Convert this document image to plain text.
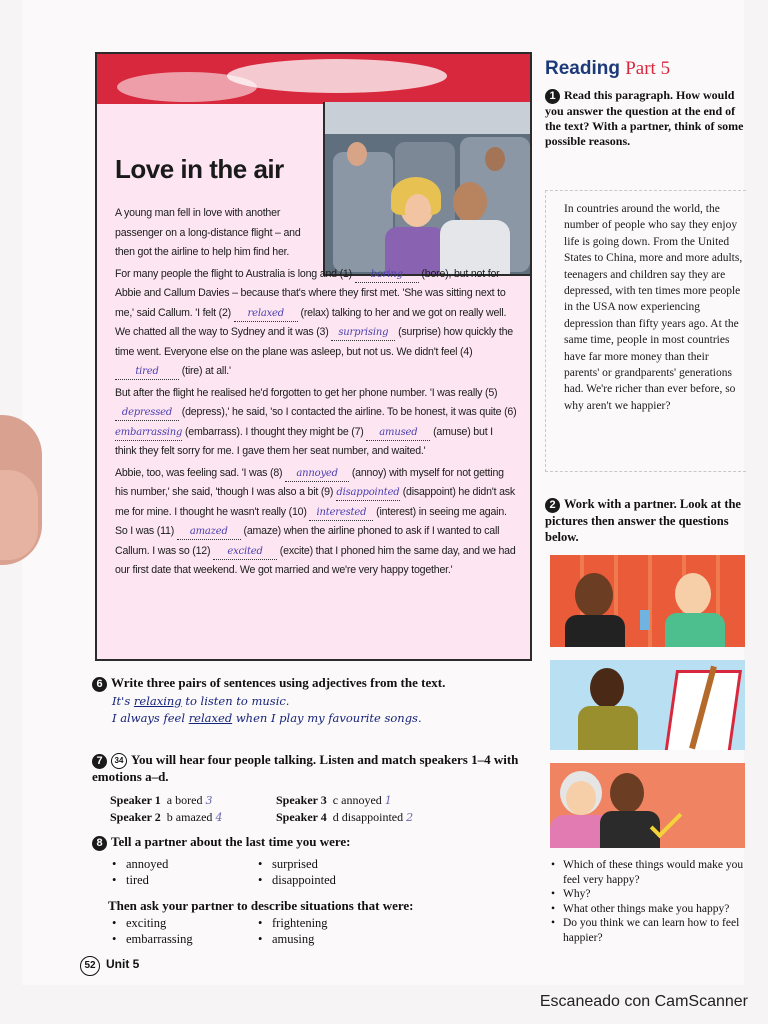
Love in the air

A young man fell in love with another passenger on a long-distance flight – and then got the airline to help him find her.

For many people the flight to Australia is long and (1) boring (bore), but not for Abbie and Callum Davies – because that's where they first met. 'She was sitting next to me,' said Callum. 'I felt (2) relaxed (relax) talking to her and we got on really well. We chatted all the way to Sydney and it was (3) surprising (surprise) how quickly the time went. Everyone else on the plane was asleep, but not us. We didn't feel (4) tired (tire) at all.'

But after the flight he realised he'd forgotten to get her phone number. 'I was really (5) depressed (depress),' he said, 'so I contacted the airline. To be honest, it was quite (6) embarrassing (embarrass). I thought they might be (7) amused (amuse) but I think they felt sorry for me. I gave them her seat number, and waited.'

Abbie, too, was feeling sad. 'I was (8) annoyed (annoy) with myself for not getting his number,' she said, 'though I was also a bit (9) disappointed (disappoint) he didn't ask me for mine. I thought he wasn't really (10) interested (interest) in seeing me again. So I was (11) amazed (amaze) when the airline phoned to ask if I wanted to call Callum. I was so (12) excited (excite) that I phoned him the same day, and we had our first date that weekend. We got married and we're very happy together.'

Reading Part 5
1 Read this paragraph. How would you answer the question at the end of the text? With a partner, think of some possible reasons.
In countries around the world, the number of people who say they enjoy life is going down. From the United States to China, more and more adults, teenagers and children say they are depressed, with ten times more people in the USA now experiencing depression than fifty years ago. At the same time, people in most countries have far more money than their parents' or grandparents' generations had. We're richer than ever before, so why aren't we happier?
2 Work with a partner. Look at the pictures then answer the questions below.
• Which of these things would make you feel very happy?
• Why?
• What other things make you happy?
• Do you think we can learn how to feel happier?
6 Write three pairs of sentences using adjectives from the text.
It's relaxing to listen to music.
I always feel relaxed when I play my favourite songs.
7 34 You will hear four people talking. Listen and match speakers 1–4 with emotions a–d.
Speaker 1 a bored 3
Speaker 2 b amazed 4
Speaker 3 c annoyed 1
Speaker 4 d disappointed 2
8 Tell a partner about the last time you were:
• annoyed
• tired
• surprised
• disappointed
Then ask your partner to describe situations that were:
• exciting
• embarrassing
• frightening
• amusing
52 Unit 5
Escaneado con CamScanner
